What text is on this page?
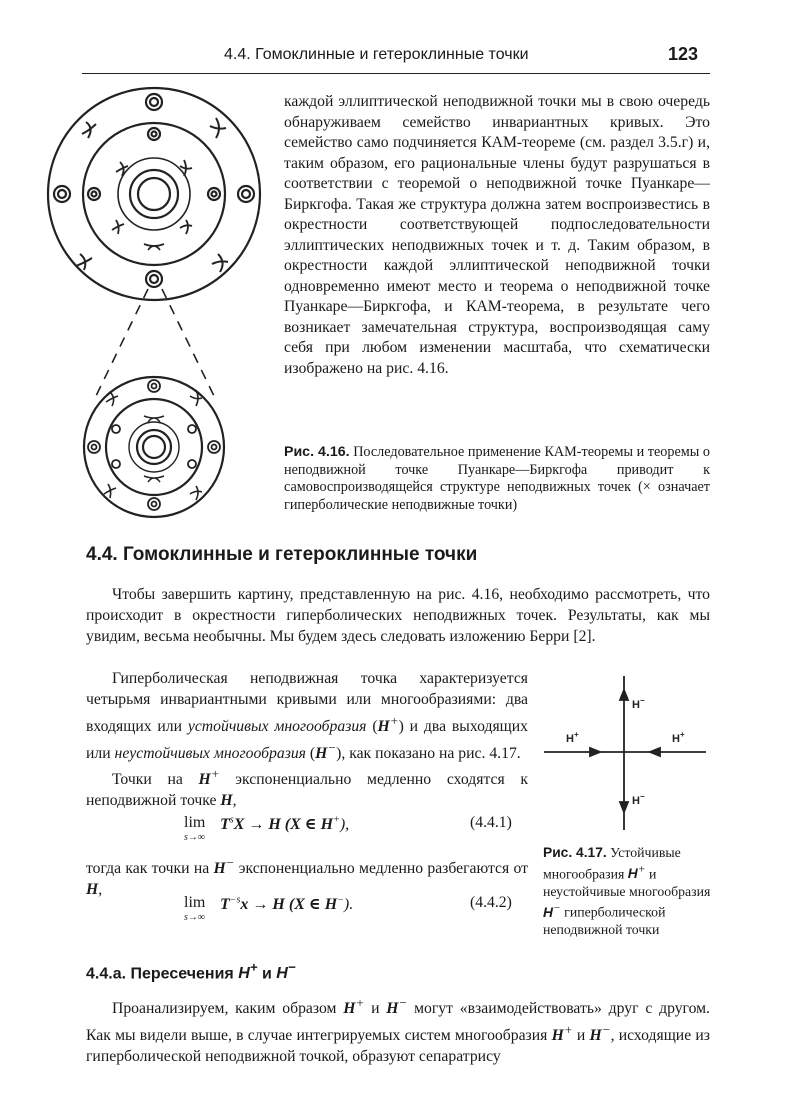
4.4. Гомоклинные и гетероклинные точки	123

каждой эллиптической неподвижной точки мы в свою очередь обнаруживаем семейство инвариантных кривых. Это семейство само подчиняется КАМ-теореме (см. раздел 3.5.г) и, таким образом, его рациональные члены будут разрушаться в соответствии с теоремой о неподвижной точке Пуанкаре—Биркгофа. Такая же структура должна затем воспроизвестись в окрестности соответствующей подпоследовательности эллиптических неподвижных точек и т. д. Таким образом, в окрестности каждой эллиптической неподвижной точки одновременно имеют место и теорема о неподвижной точке Пуанкаре—Биркгофа, и КАМ-теорема, в результате чего возникает замечательная структура, воспроизводящая саму себя при любом изменении масштаба, что схематически изображено на рис. 4.16.

Рис. 4.16. Последовательное применение КАМ-теоремы и теоремы о неподвижной точке Пуанкаре—Биркгофа приводит к самовоспроизводящейся структуре неподвижных точек (× означает гиперболические неподвижные точки)

4.4. Гомоклинные и гетероклинные точки

Чтобы завершить картину, представленную на рис. 4.16, необходимо рассмотреть, что происходит в окрестности гиперболических неподвижных точек. Результаты, как мы увидим, весьма необычны. Мы будем здесь следовать изложению Берри [2].

Гиперболическая неподвижная точка характеризуется четырьмя инвариантными кривыми или многообразиями: два входящих или устойчивых многообразия (H+) и два выходящих или неустойчивых многообразия (H−), как показано на рис. 4.17.

Точки на H+ экспоненциально медленно сходятся к неподвижной точке H,

lim
s→∞
$T^sX \to H$ (X ∈ H+),	(4.4.1)

тогда как точки на H− экспоненциально медленно разбегаются от H,

lim
s→∞
$T^{-s}x \to H$ (X ∈ H−).	(4.4.2)
H−
H−
H+	H+

Рис. 4.17. Устойчивые многообразия H+ и неустойчивые многообразия H− гиперболической неподвижной точки

4.4.а. Пересечения H+ и H−

Проанализируем, каким образом H+ и H− могут «взаимодействовать» друг с другом. Как мы видели выше, в случае интегрируемых систем многообразия H+ и H−, исходящие из гиперболической неподвижной точкой, образуют сепаратрису
